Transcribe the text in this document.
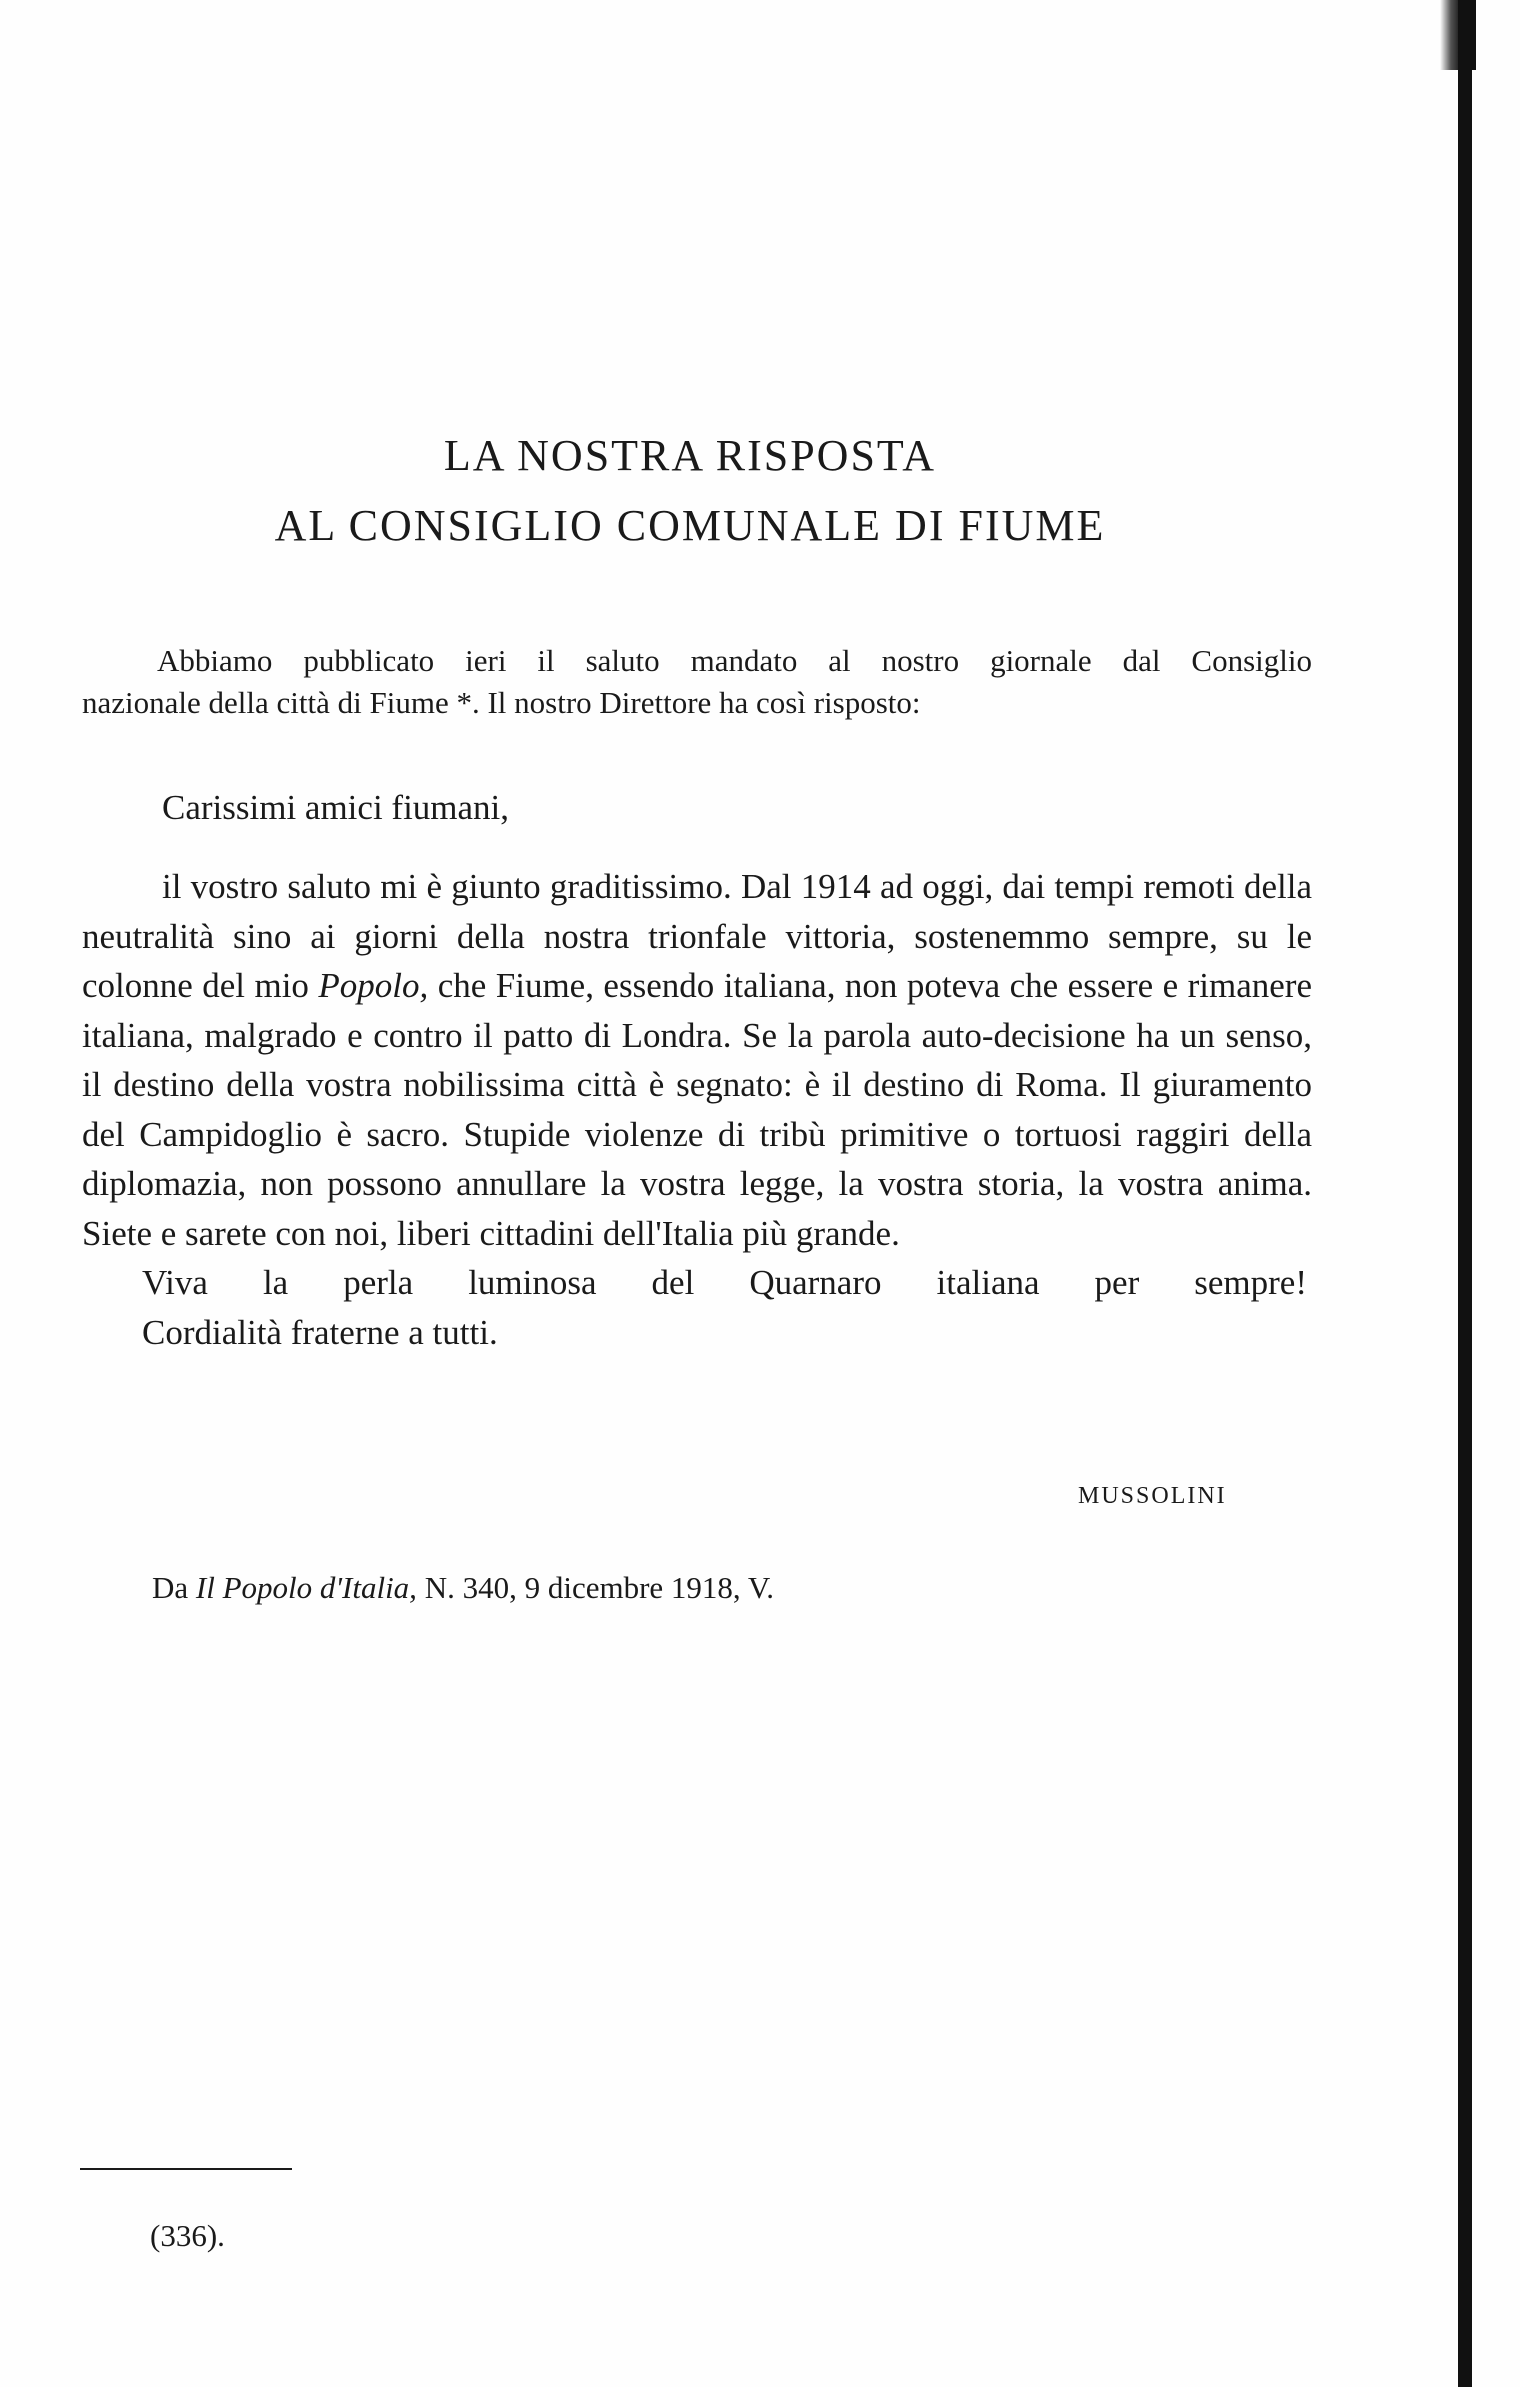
LA NOSTRA RISPOSTA
AL CONSIGLIO COMUNALE DI FIUME

Abbiamo pubblicato ieri il saluto mandato al nostro giornale dal Consiglio

nazionale della città di Fiume *. Il nostro Direttore ha così risposto:

Carissimi amici fiumani,

il vostro saluto mi è giunto graditissimo. Dal 1914 ad oggi, dai tempi remoti della neutralità sino ai giorni della nostra trionfale vittoria, sostenemmo sempre, su le colonne del mio Popolo, che Fiume, essendo italiana, non poteva che essere e rimanere italiana, malgrado e contro il patto di Londra. Se la parola auto-decisione ha un senso, il destino della vostra nobilissima città è segnato: è il destino di Roma. Il giuramento del Campidoglio è sacro. Stupide violenze di tribù primitive o tortuosi raggiri della diplomazia, non possono annullare la vostra legge, la vostra storia, la vostra anima. Siete e sarete con noi, liberi cittadini dell'Italia più grande.

Viva la perla luminosa del Quarnaro italiana per sempre!

Cordialità fraterne a tutti.

MUSSOLINI
Da Il Popolo d'Italia, N. 340, 9 dicembre 1918, V.
(336).
